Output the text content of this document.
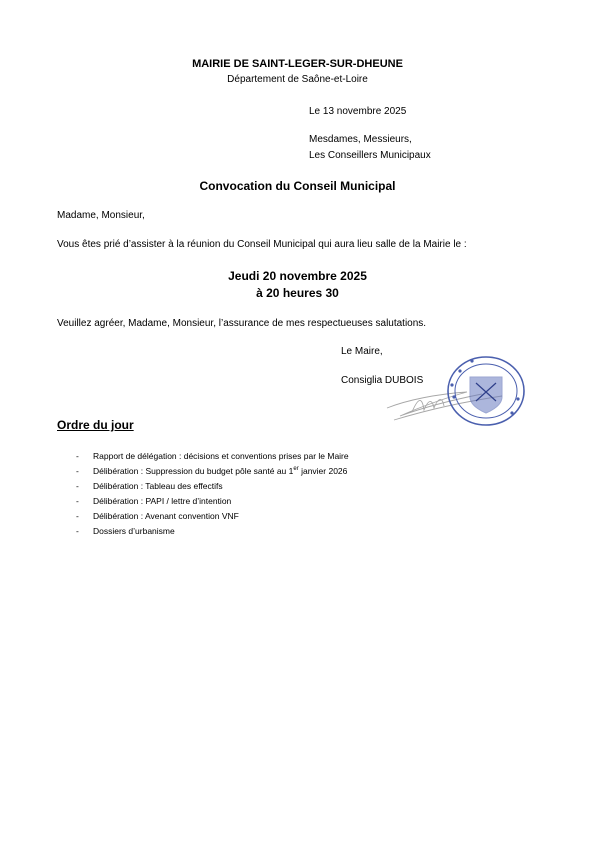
MAIRIE DE SAINT-LEGER-SUR-DHEUNE
Département de Saône-et-Loire
Le 13 novembre 2025
Mesdames, Messieurs,
Les Conseillers Municipaux
Convocation du Conseil Municipal
Madame, Monsieur,
Vous êtes prié d’assister à la réunion du Conseil Municipal qui aura lieu salle de la Mairie le :
Jeudi 20 novembre 2025
à 20 heures 30
Veuillez agréer, Madame, Monsieur, l’assurance de mes respectueuses salutations.
Le Maire,
Consiglia DUBOIS
Ordre du jour
- Rapport de délégation : décisions et conventions prises par le Maire
- Délibération : Suppression du budget pôle santé au 1er janvier 2026
- Délibération : Tableau des effectifs
- Délibération : PAPI / lettre d’intention
- Délibération : Avenant convention VNF
- Dossiers d’urbanisme
